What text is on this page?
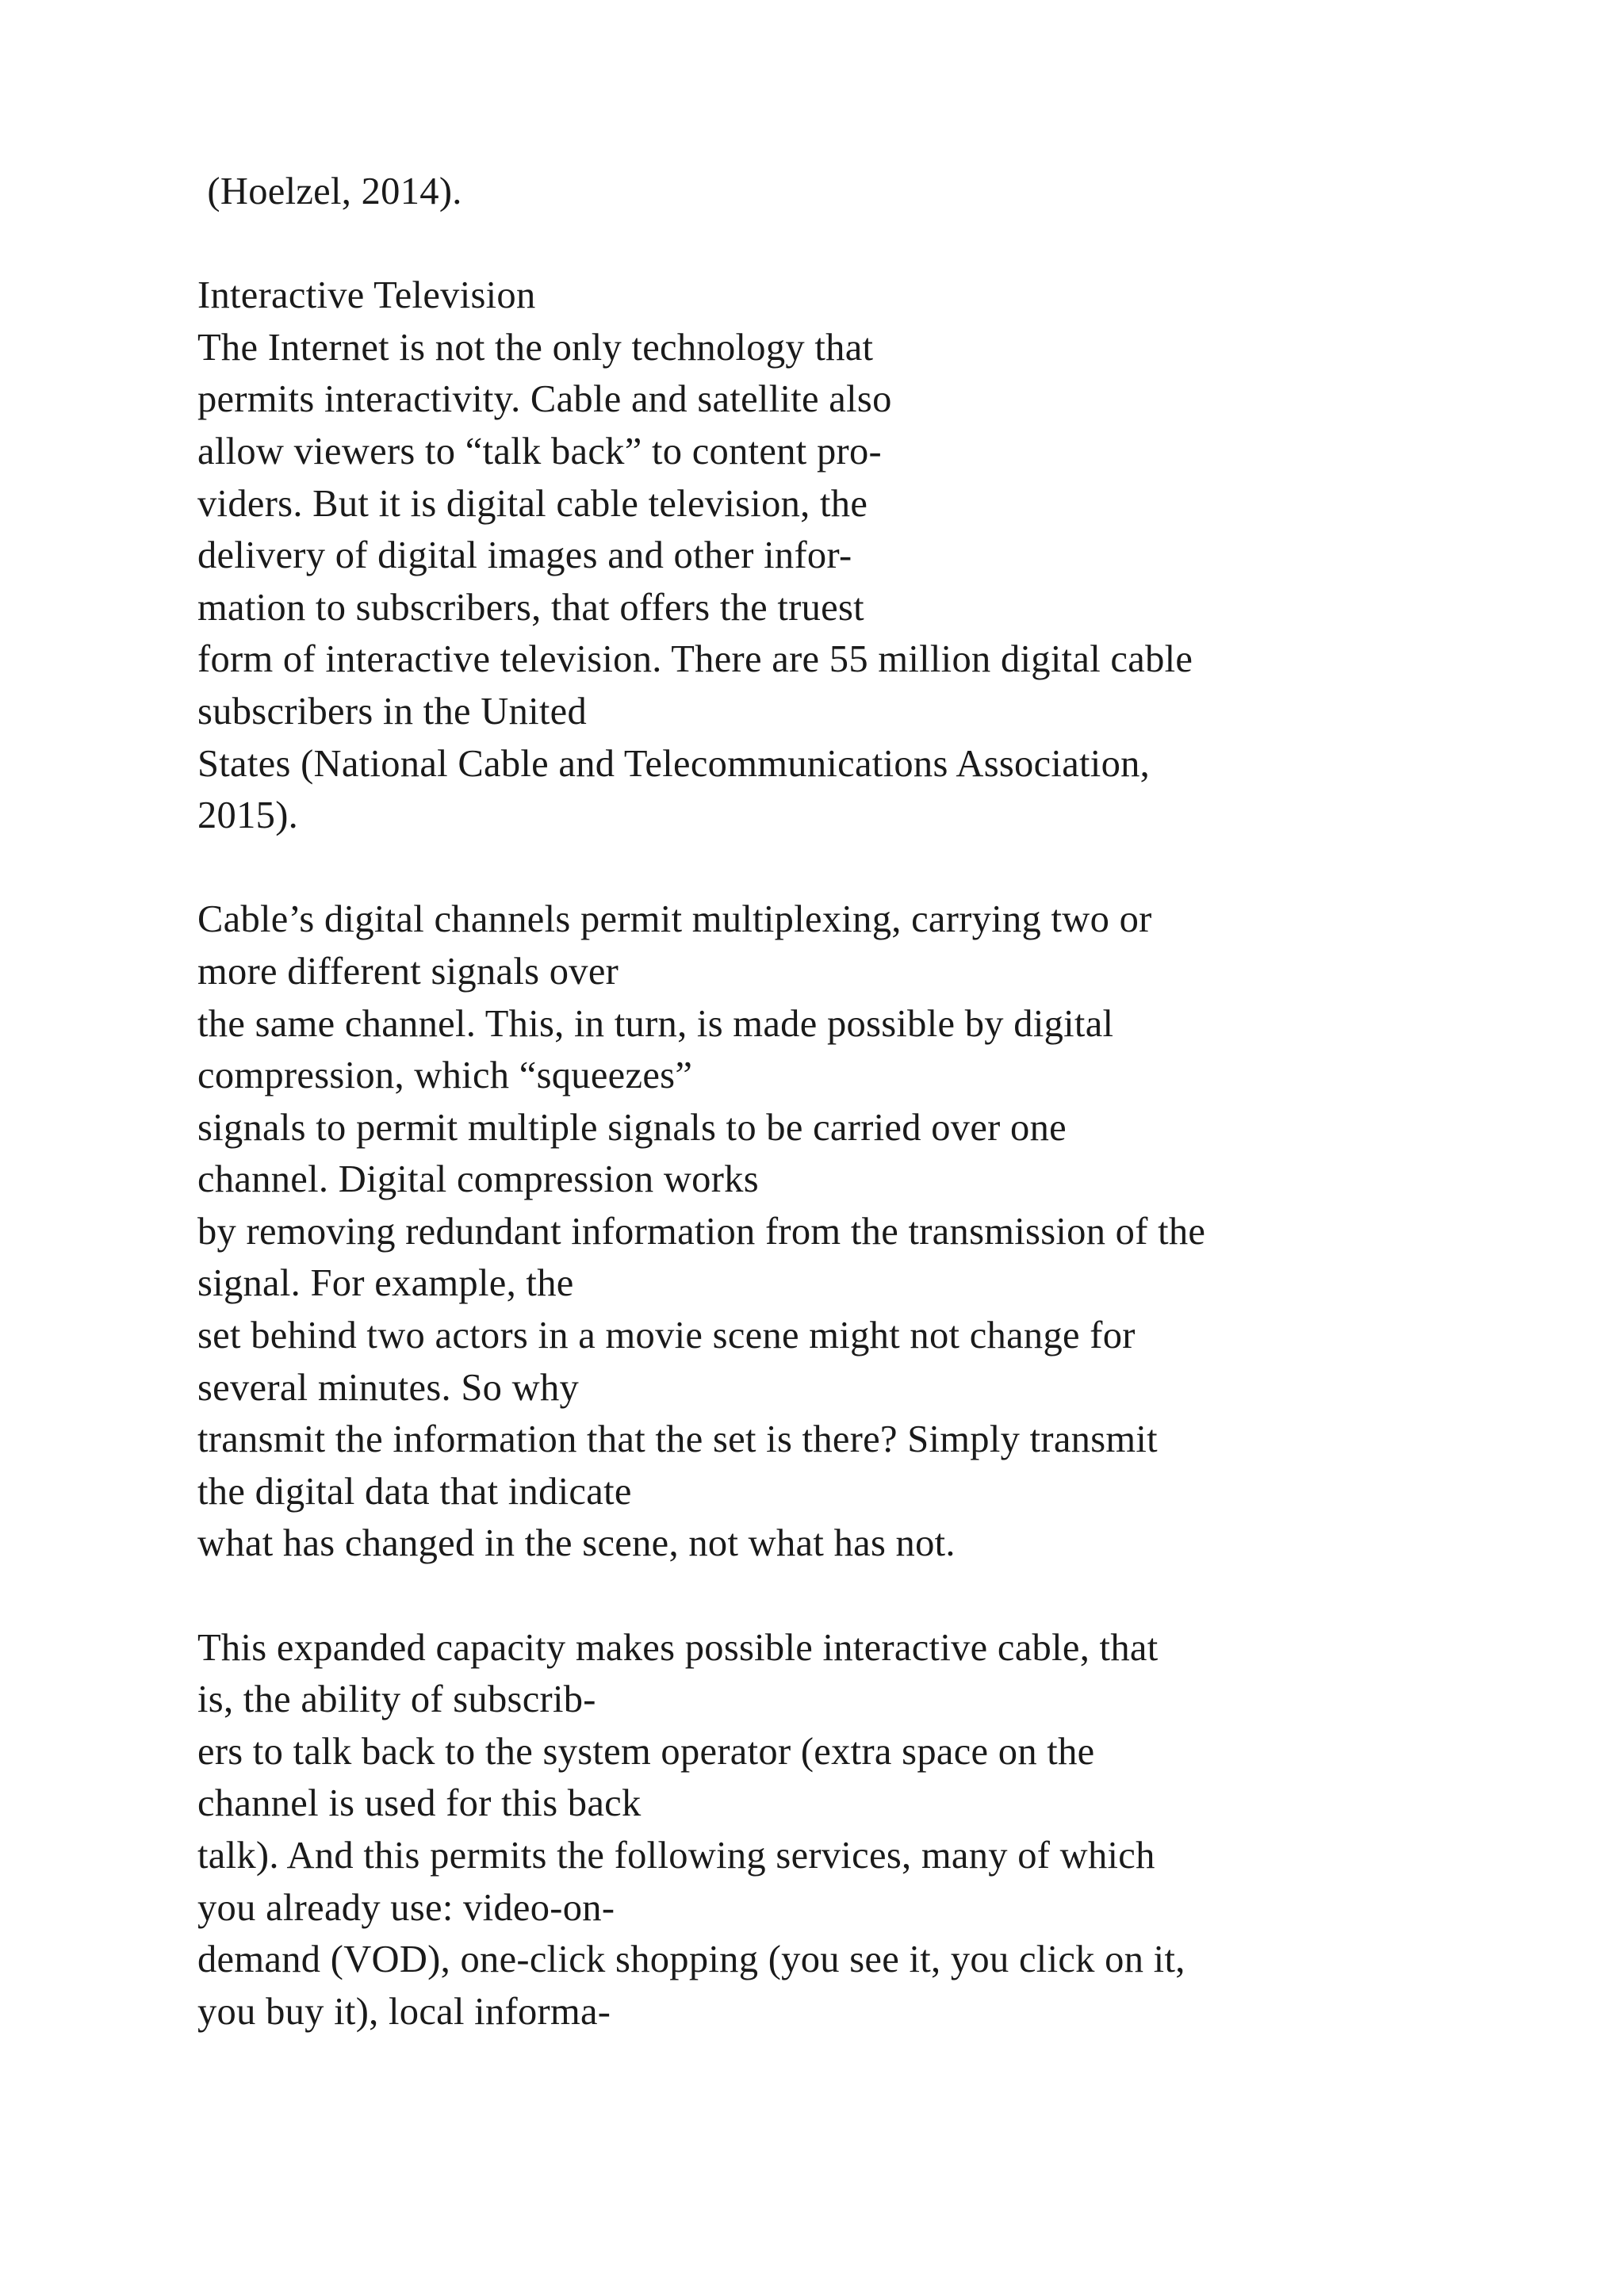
(Hoelzel, 2014).
Interactive Television
The Internet is not the only technology that
permits interactivity. Cable and satellite also
allow viewers to “talk back” to content pro-
viders. But it is digital cable television, the
delivery of digital images and other infor-
mation to subscribers, that offers the truest
form of interactive television. There are 55 million digital cable
subscribers in the United
States (National Cable and Telecommunications Association,
2015).
Cable’s digital channels permit multiplexing, carrying two or
more different signals over
the same channel. This, in turn, is made possible by digital
compression, which “squeezes”
signals to permit multiple signals to be carried over one
channel. Digital compression works
by removing redundant information from the transmission of the
signal. For example, the
set behind two actors in a movie scene might not change for
several minutes. So why
transmit the information that the set is there? Simply transmit
the digital data that indicate
what has changed in the scene, not what has not.
This expanded capacity makes possible interactive cable, that
is, the ability of subscrib-
ers to talk back to the system operator (extra space on the
channel is used for this back
talk). And this permits the following services, many of which
you already use: video-on-
demand (VOD), one-click shopping (you see it, you click on it,
you buy it), local informa-
